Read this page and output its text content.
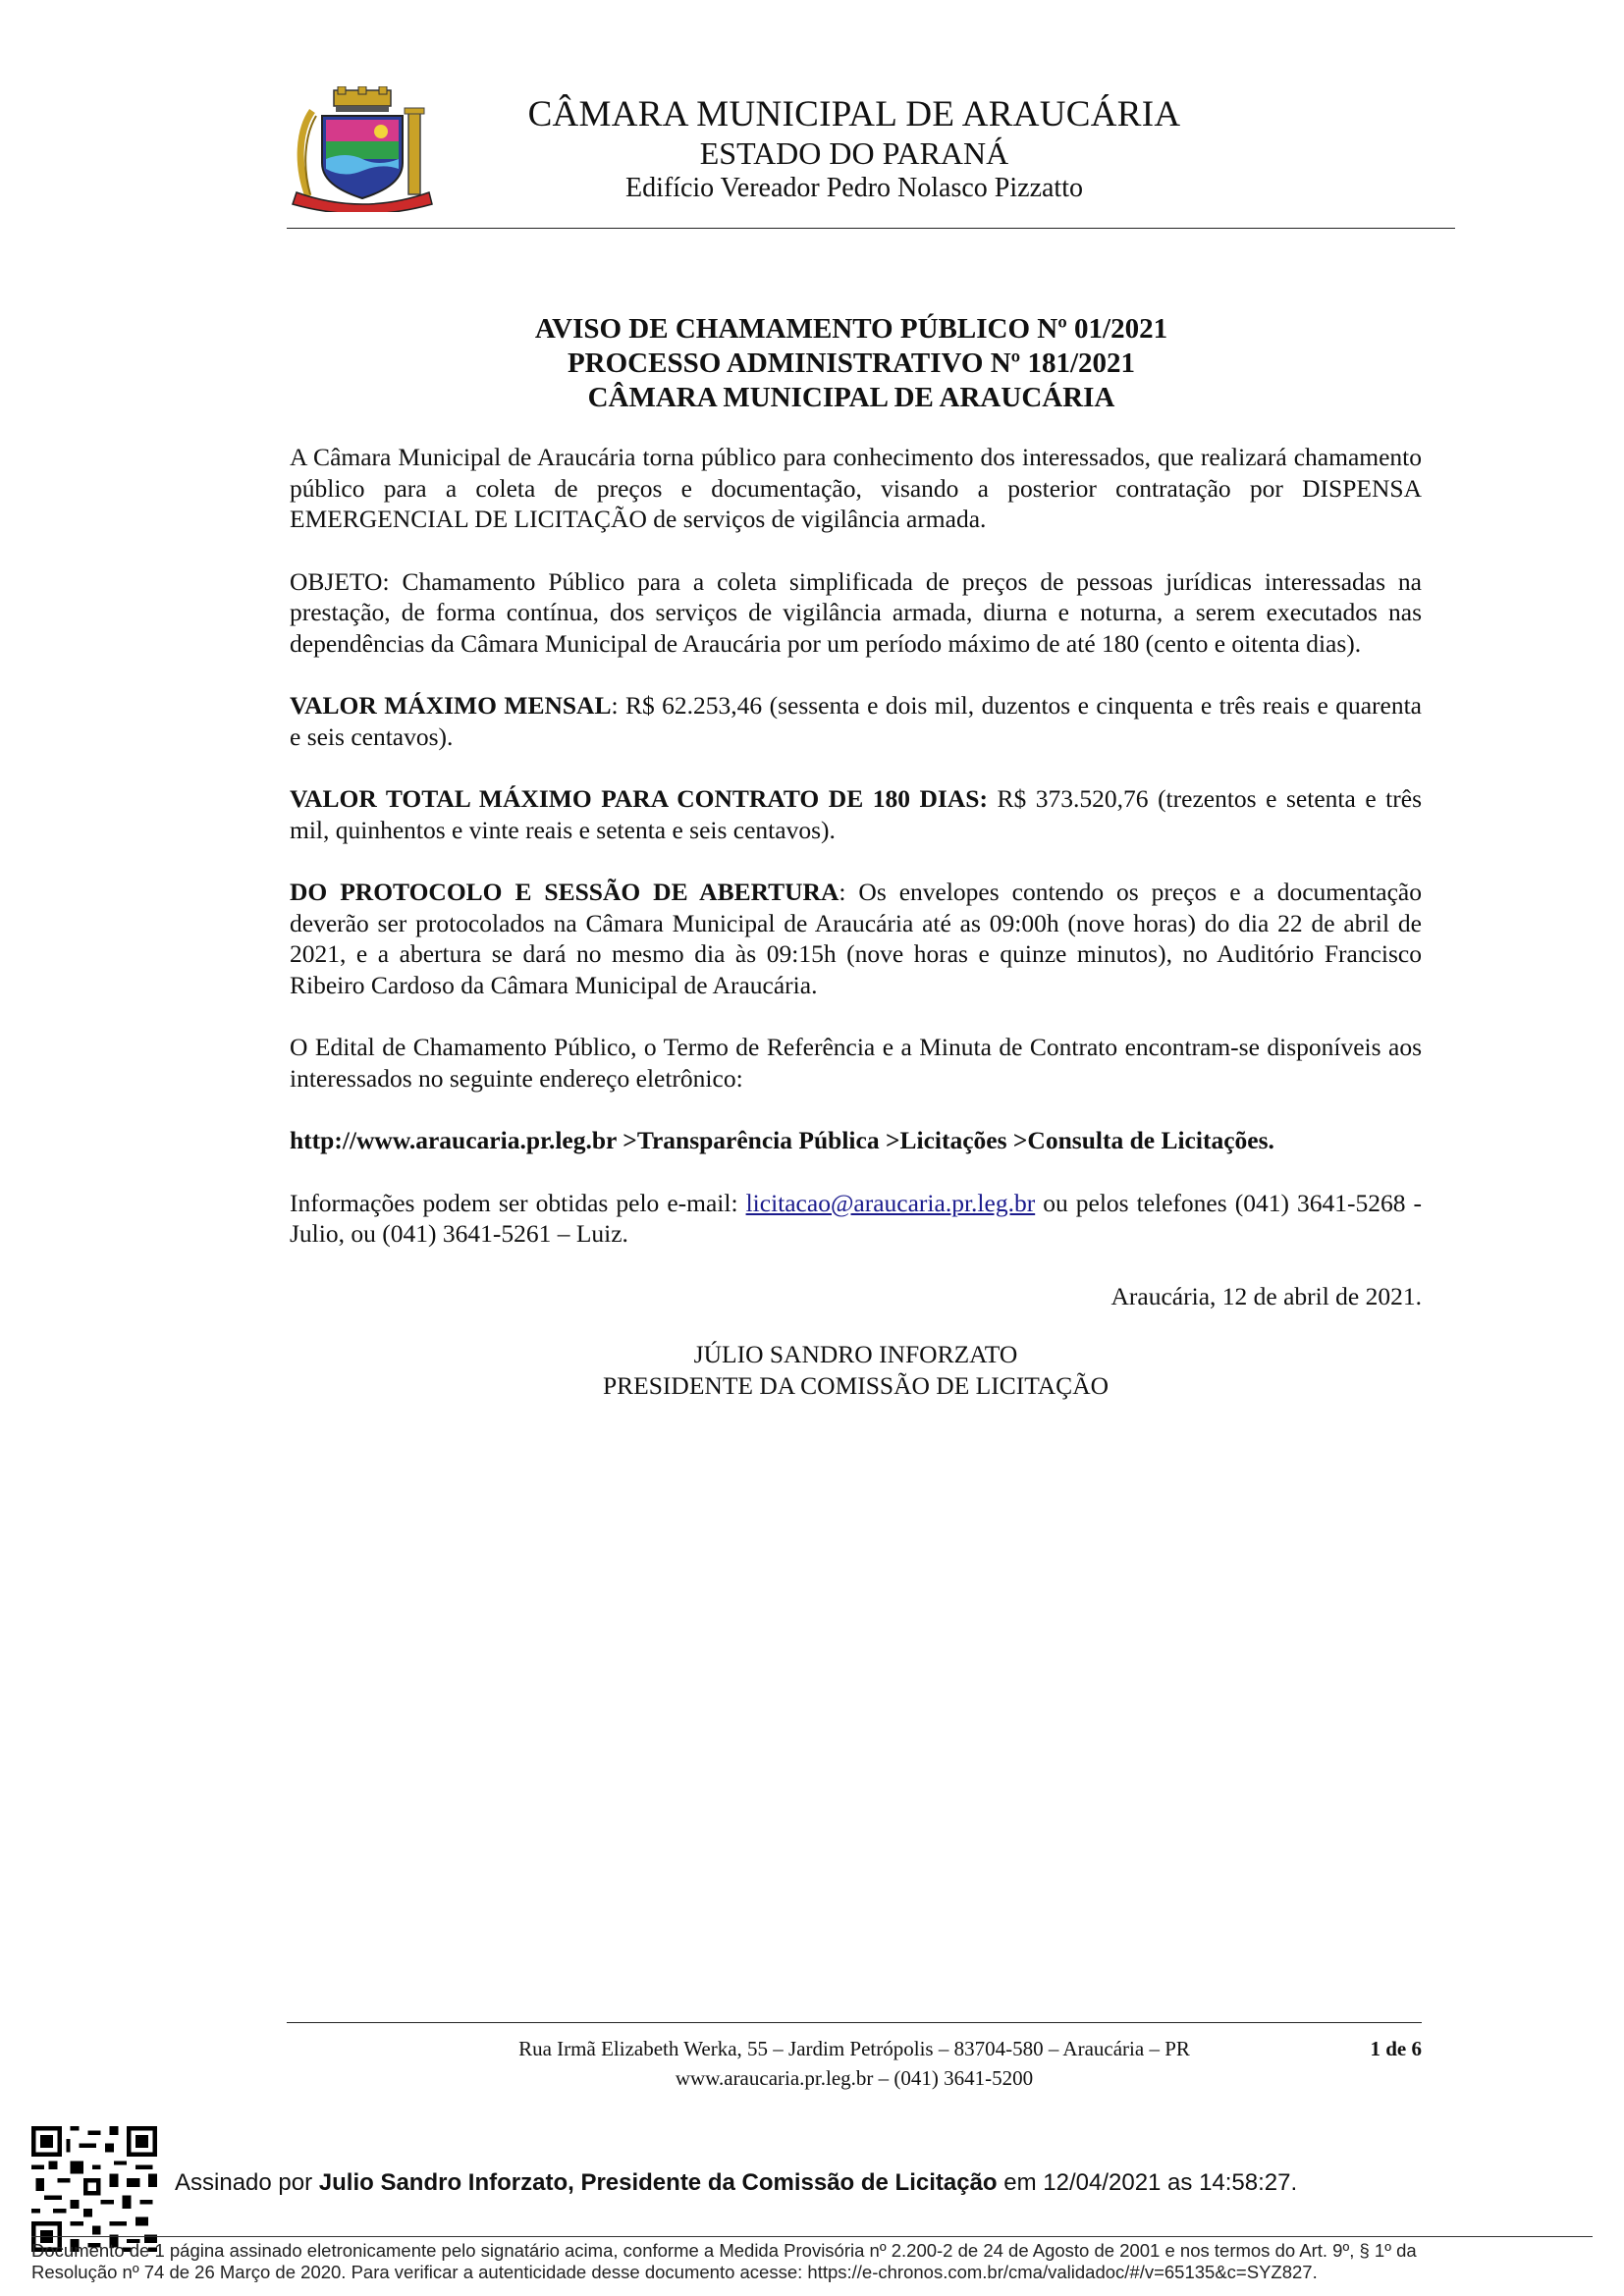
CÂMARA MUNICIPAL DE ARAUCÁRIA
ESTADO DO PARANÁ
Edifício Vereador Pedro Nolasco Pizzatto
AVISO DE CHAMAMENTO PÚBLICO Nº 01/2021
PROCESSO ADMINISTRATIVO Nº 181/2021
CÂMARA MUNICIPAL DE ARAUCÁRIA

A Câmara Municipal de Araucária torna público para conhecimento dos interessados, que realizará chamamento público para a coleta de preços e documentação, visando a posterior contratação por DISPENSA EMERGENCIAL DE LICITAÇÃO de serviços de vigilância armada.

OBJETO: Chamamento Público para a coleta simplificada de preços de pessoas jurídicas interessadas na prestação, de forma contínua, dos serviços de vigilância armada, diurna e noturna, a serem executados nas dependências da Câmara Municipal de Araucária por um período máximo de até 180 (cento e oitenta dias).

VALOR MÁXIMO MENSAL: R$ 62.253,46 (sessenta e dois mil, duzentos e cinquenta e três reais e quarenta e seis centavos).

VALOR TOTAL MÁXIMO PARA CONTRATO DE 180 DIAS: R$ 373.520,76 (trezentos e setenta e três mil, quinhentos e vinte reais e setenta e seis centavos).

DO PROTOCOLO E SESSÃO DE ABERTURA: Os envelopes contendo os preços e a documentação deverão ser protocolados na Câmara Municipal de Araucária até as 09:00h (nove horas) do dia 22 de abril de 2021, e a abertura se dará no mesmo dia às 09:15h (nove horas e quinze minutos), no Auditório Francisco Ribeiro Cardoso da Câmara Municipal de Araucária.

O Edital de Chamamento Público, o Termo de Referência e a Minuta de Contrato encontram-se disponíveis aos interessados no seguinte endereço eletrônico:

http://www.araucaria.pr.leg.br >Transparência Pública >Licitações >Consulta de Licitações.

Informações podem ser obtidas pelo e-mail: licitacao@araucaria.pr.leg.br ou pelos telefones (041) 3641-5268 - Julio, ou (041) 3641-5261 – Luiz.

Araucária, 12 de abril de 2021.

JÚLIO SANDRO INFORZATO
PRESIDENTE DA COMISSÃO DE LICITAÇÃO
Rua Irmã Elizabeth Werka, 55 – Jardim Petrópolis – 83704-580 – Araucária – PR	1 de 6
www.araucaria.pr.leg.br – (041) 3641-5200
Assinado por Julio Sandro Inforzato, Presidente da Comissão de Licitação em 12/04/2021 as 14:58:27.
Documento de 1 página assinado eletronicamente pelo signatário acima, conforme a Medida Provisória nº 2.200-2 de 24 de Agosto de 2001 e nos termos do Art. 9º, § 1º da
Resolução nº 74 de 26 Março de 2020. Para verificar a autenticidade desse documento acesse: https://e-chronos.com.br/cma/validadoc/#/v=65135&c=SYZ827.
